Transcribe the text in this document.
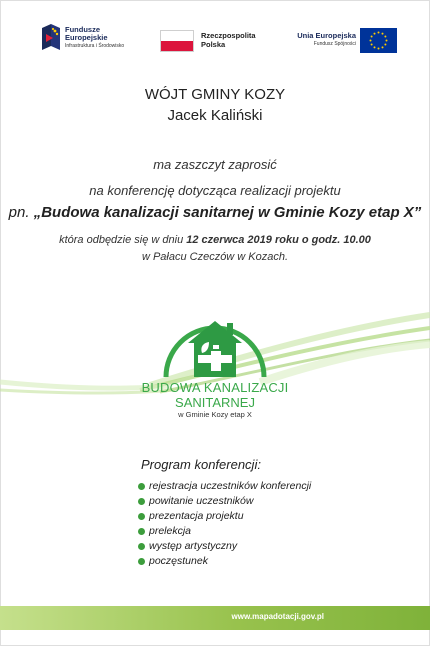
Fundusze
Europejskie
Infrastruktura i Środowisko
Rzeczpospolita
Polska
Unia Europejska
Fundusz Spójności
WÓJT GMINY KOZY
Jacek Kaliński
ma zaszczyt zaprosić
na konferencję dotycząca realizacji projektu
pn. „Budowa kanalizacji sanitarnej w Gminie Kozy etap X”
która odbędzie się w dniu 12 czerwca 2019 roku o godz. 10.00
w Pałacu Czeczów w Kozach.
BUDOWA KANALIZACJI
SANITARNEJ
w Gminie Kozy etap X
Program konferencji:
rejestracja uczestników konferencji
powitanie uczestników
prezentacja projektu
prelekcja
występ artystyczny
poczęstunek
www.mapadotacji.gov.pl
